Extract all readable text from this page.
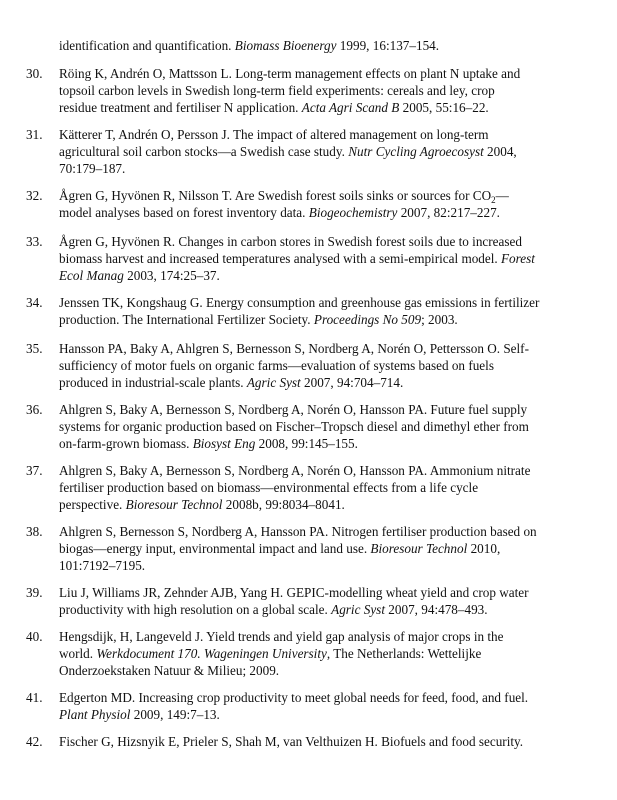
identification and quantification. Biomass Bioenergy 1999, 16:137–154.
30.	Röing K, Andrén O, Mattsson L. Long-term management effects on plant N uptake and
topsoil carbon levels in Swedish long-term field experiments: cereals and ley, crop
residue treatment and fertiliser N application. Acta Agri Scand B 2005, 55:16–22.
31.	Kätterer T, Andrén O, Persson J. The impact of altered management on long-term
agricultural soil carbon stocks—a Swedish case study. Nutr Cycling Agroecosyst 2004,
70:179–187.
32.	Ågren G, Hyvönen R, Nilsson T. Are Swedish forest soils sinks or sources for $CO_2—$
model analyses based on forest inventory data. Biogeochemistry 2007, 82:217–227.
33.	Ågren G, Hyvönen R. Changes in carbon stores in Swedish forest soils due to increased
biomass harvest and increased temperatures analysed with a semi-empirical model. Forest
Ecol Manag 2003, 174:25–37.
34.	Jenssen TK, Kongshaug G. Energy consumption and greenhouse gas emissions in fertilizer
production. The International Fertilizer Society. Proceedings No 509; 2003.
35.	Hansson PA, Baky A, Ahlgren S, Bernesson S, Nordberg A, Norén O, Pettersson O. Self-
sufficiency of motor fuels on organic farms—evaluation of systems based on fuels
produced in industrial-scale plants. Agric Syst 2007, 94:704–714.
36.	Ahlgren S, Baky A, Bernesson S, Nordberg A, Norén O, Hansson PA. Future fuel supply
systems for organic production based on Fischer–Tropsch diesel and dimethyl ether from
on-farm-grown biomass. Biosyst Eng 2008, 99:145–155.
37.	Ahlgren S, Baky A, Bernesson S, Nordberg A, Norén O, Hansson PA. Ammonium nitrate
fertiliser production based on biomass—environmental effects from a life cycle
perspective. Bioresour Technol 2008b, 99:8034–8041.
38.	Ahlgren S, Bernesson S, Nordberg A, Hansson PA. Nitrogen fertiliser production based on
biogas—energy input, environmental impact and land use. Bioresour Technol 2010,
101:7192–7195.
39.	Liu J, Williams JR, Zehnder AJB, Yang H. GEPIC-modelling wheat yield and crop water
productivity with high resolution on a global scale. Agric Syst 2007, 94:478–493.
40.	Hengsdijk, H, Langeveld J. Yield trends and yield gap analysis of major crops in the
world. Werkdocument 170. Wageningen University, The Netherlands: Wettelijke
Onderzoekstaken Natuur & Milieu; 2009.
41.	Edgerton MD. Increasing crop productivity to meet global needs for feed, food, and fuel.
Plant Physiol 2009, 149:7–13.
42.	Fischer G, Hizsnyik E, Prieler S, Shah M, van Velthuizen H. Biofuels and food security.
